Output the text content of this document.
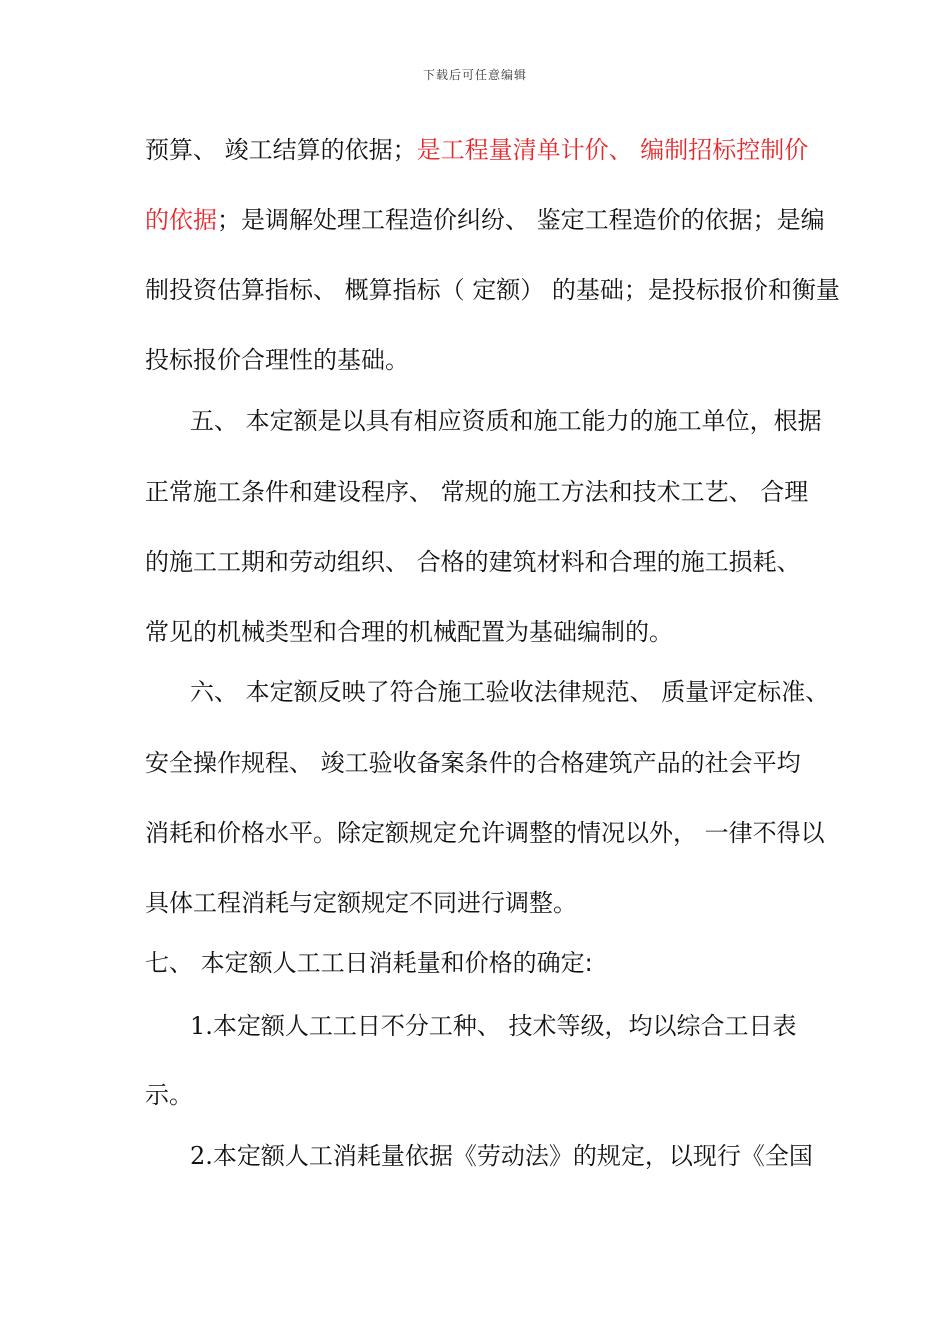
下载后可任意编辑
预算、 竣工结算的依据；是工程量清单计价、 编制招标控制价
的依据；是调解处理工程造价纠纷、 鉴定工程造价的依据；是编
制投资估算指标、 概算指标（ 定额） 的基础；是投标报价和衡量
投标报价合理性的基础。
五、 本定额是以具有相应资质和施工能力的施工单位，根据
正常施工条件和建设程序、 常规的施工方法和技术工艺、 合理
的施工工期和劳动组织、 合格的建筑材料和合理的施工损耗、
常见的机械类型和合理的机械配置为基础编制的。
六、 本定额反映了符合施工验收法律规范、 质量评定标准、
安全操作规程、 竣工验收备案条件的合格建筑产品的社会平均
消耗和价格水平。除定额规定允许调整的情况以外， 一律不得以
具体工程消耗与定额规定不同进行调整。
七、 本定额人工工日消耗量和价格的确定:
1.本定额人工工日不分工种、 技术等级，均以综合工日表
示。
2.本定额人工消耗量依据《劳动法》的规定，以现行《全国
